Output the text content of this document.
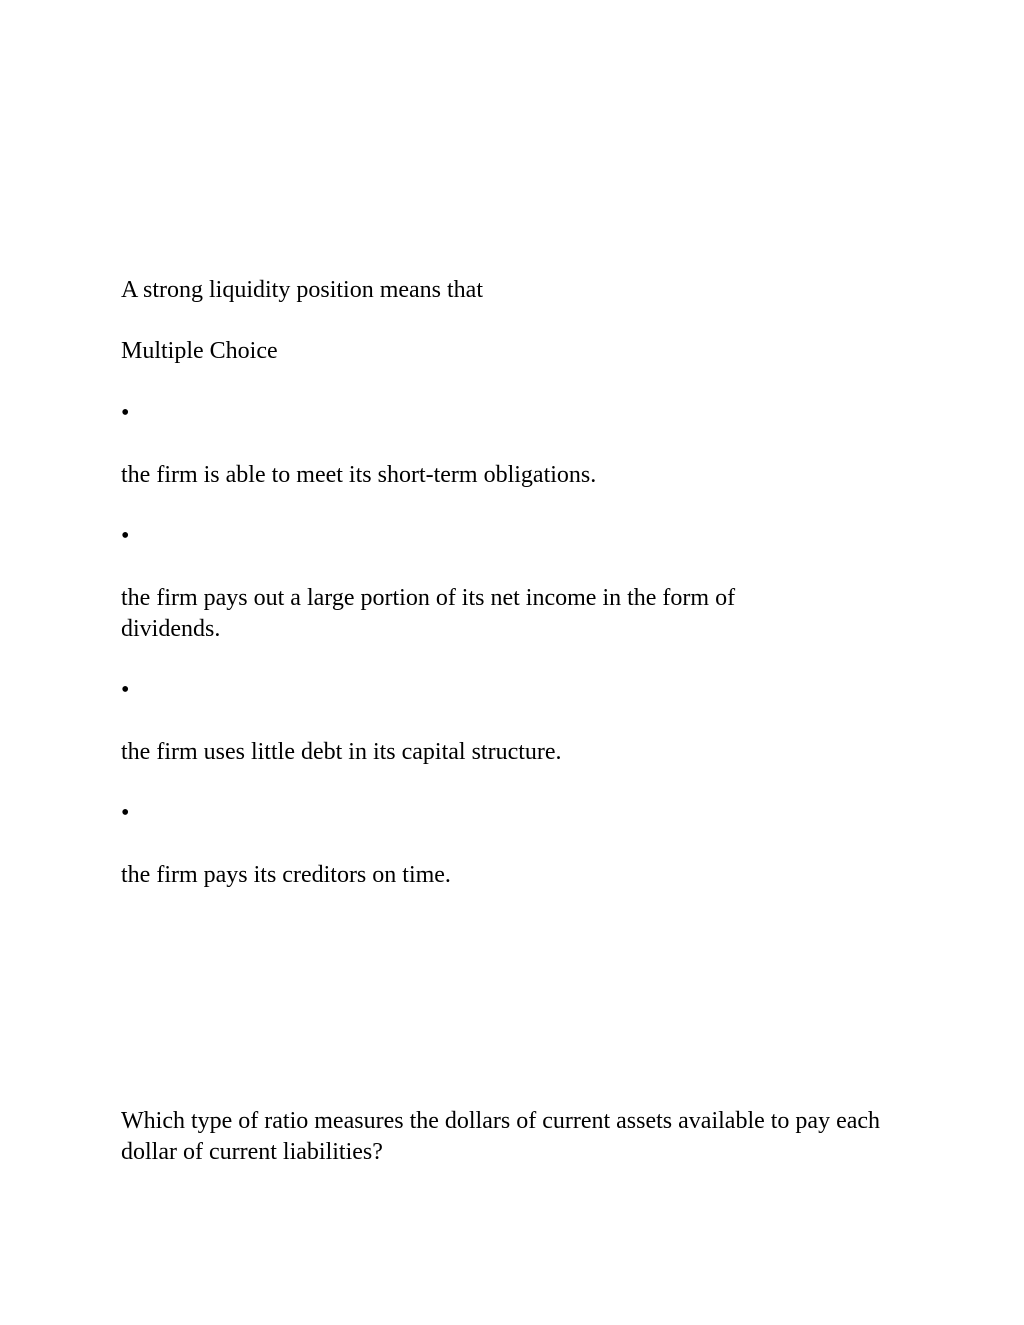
A strong liquidity position means that

Multiple Choice

•

the firm is able to meet its short-term obligations.

•

the firm pays out a large portion of its net income in the form of dividends.

•

the firm uses little debt in its capital structure.

•

the firm pays its creditors on time.

Which type of ratio measures the dollars of current assets available to pay each dollar of current liabilities?
